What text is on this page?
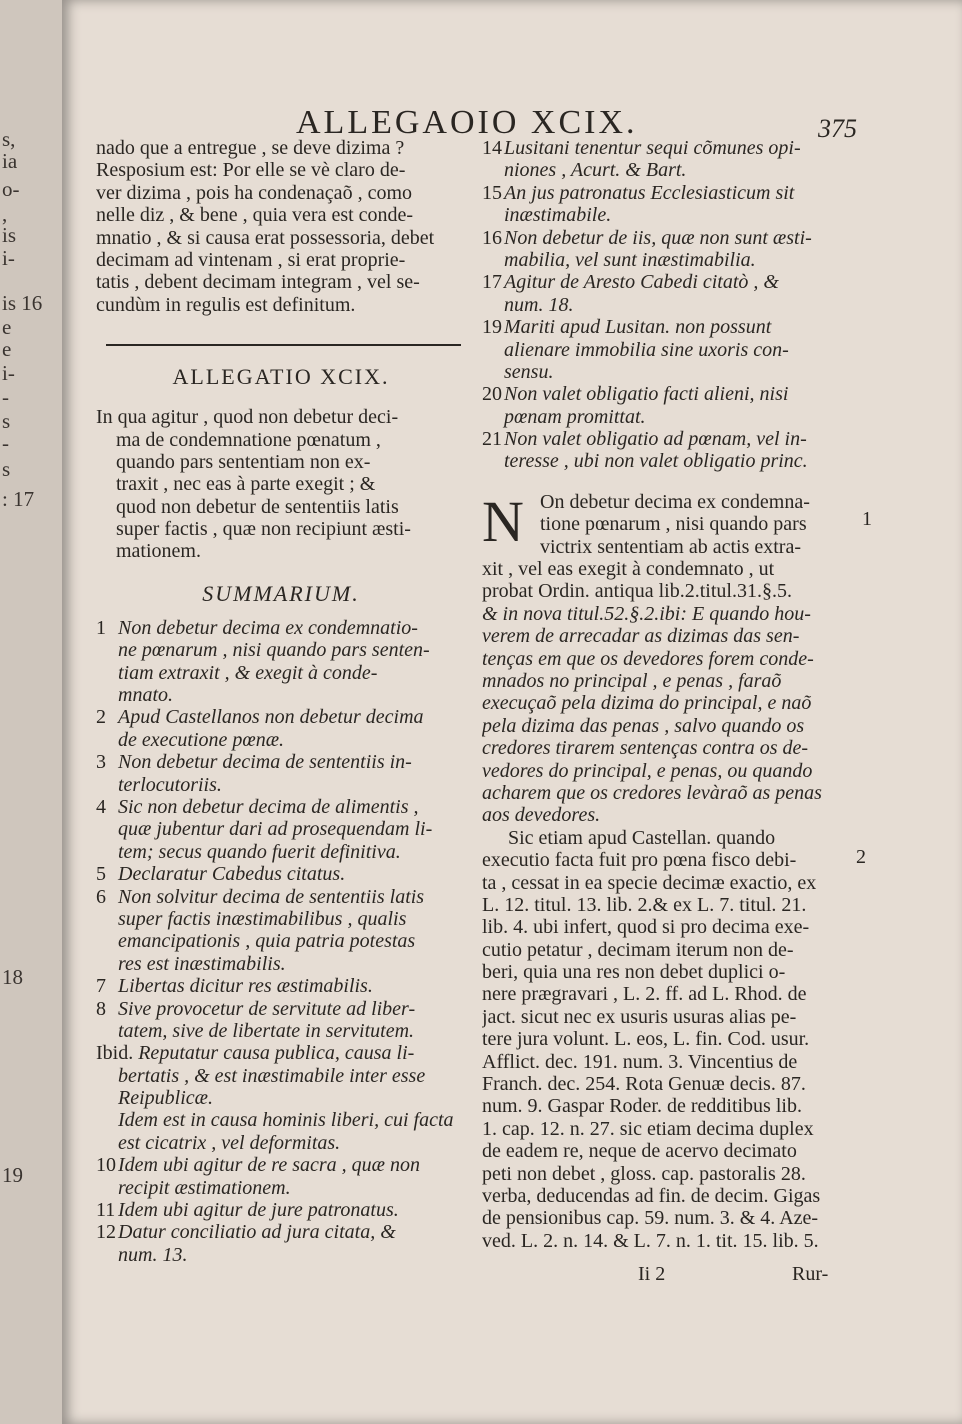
s,
ia
o-
,
is
i-
is 16
e
e
i-
-
s
-
s
: 17
18
19
ALLEGAOIO XCIX.	375
1
2
nado que a entregue , se deve dizima ?
Resposium est: Por elle se vè claro de-
ver dizima , pois ha condenaçaõ , como
nelle diz , & bene , quia vera est conde-
mnatio , & si causa erat possessoria, debet
decimam ad vintenam , si erat proprie-
tatis , debent decimam integram , vel se-
cundùm in regulis est definitum.
ALLEGATIO XCIX.
In qua agitur , quod non debetur deci-
ma de condemnatione pœnatum ,
quando pars sententiam non ex-
traxit , nec eas à parte exegit ; &
quod non debetur de sententiis latis
super factis , quæ non recipiunt æsti-
mationem.
SUMMARIUM.
1 Non debetur decima ex condemnatio-
ne pœnarum , nisi quando pars senten-
tiam extraxit , & exegit à conde-
mnato.
2 Apud Castellanos non debetur decima
de executione pœnæ.
3 Non debetur decima de sententiis in-
terlocutoriis.
4 Sic non debetur decima de alimentis ,
quæ jubentur dari ad prosequendam li-
tem; secus quando fuerit definitiva.
5 Declaratur Cabedus citatus.
6 Non solvitur decima de sententiis latis
super factis inæstimabilibus , qualis
emancipationis , quia patria potestas
res est inæstimabilis.
7 Libertas dicitur res æstimabilis.
8 Sive provocetur de servitute ad liber-
tatem, sive de libertate in servitutem.
Ibid. Reputatur causa publica, causa li-
bertatis , & est inæstimabile inter esse
Reipublicæ.
Idem est in causa hominis liberi, cui facta
est cicatrix , vel deformitas.
10 Idem ubi agitur de re sacra , quæ non
recipit æstimationem.
11 Idem ubi agitur de jure patronatus.
12 Datur conciliatio ad jura citata, &
num. 13.
14 Lusitani tenentur sequi cõmunes opi-
niones , Acurt. & Bart.
15 An jus patronatus Ecclesiasticum sit
inæstimabile.
16 Non debetur de iis, quæ non sunt æsti-
mabilia, vel sunt inæstimabilia.
17 Agitur de Aresto Cabedi citatò , &
num. 18.
19 Mariti apud Lusitan. non possunt
alienare immobilia sine uxoris con-
sensu.
20 Non valet obligatio facti alieni, nisi
pœnam promittat.
21 Non valet obligatio ad pœnam, vel in-
teresse , ubi non valet obligatio princ.
N On debetur decima ex condemna-
tione pœnarum , nisi quando pars
victrix sententiam ab actis extra-
xit , vel eas exegit à condemnato , ut
probat Ordin. antiqua lib.2.titul.31.§.5.
& in nova titul.52.§.2.ibi: E quando hou-
verem de arrecadar as dizimas das sen-
tenças em que os devedores forem conde-
mnados no principal , e penas , faraõ
execuçaõ pela dizima do principal, e naõ
pela dizima das penas , salvo quando os
credores tirarem sentenças contra os de-
vedores do principal, e penas, ou quando
acharem que os credores levàraõ as penas
aos devedores.
Sic etiam apud Castellan. quando
executio facta fuit pro pœna fisco debi-
ta , cessat in ea specie decimæ exactio, ex
L. 12. titul. 13. lib. 2.& ex L. 7. titul. 21.
lib. 4. ubi infert, quod si pro decima exe-
cutio petatur , decimam iterum non de-
beri, quia una res non debet duplici o-
nere prægravari , L. 2. ff. ad L. Rhod. de
jact. sicut nec ex usuris usuras alias pe-
tere jura volunt. L. eos, L. fin. Cod. usur.
Afflict. dec. 191. num. 3. Vincentius de
Franch. dec. 254. Rota Genuæ decis. 87.
num. 9. Gaspar Roder. de redditibus lib.
1. cap. 12. n. 27. sic etiam decima duplex
de eadem re, neque de acervo decimato
peti non debet , gloss. cap. pastoralis 28.
verba, deducendas ad fin. de decim. Gigas
de pensionibus cap. 59. num. 3. & 4. Aze-
ved. L. 2. n. 14. & L. 7. n. 1. tit. 15. lib. 5.
Ii 2	Rur-
